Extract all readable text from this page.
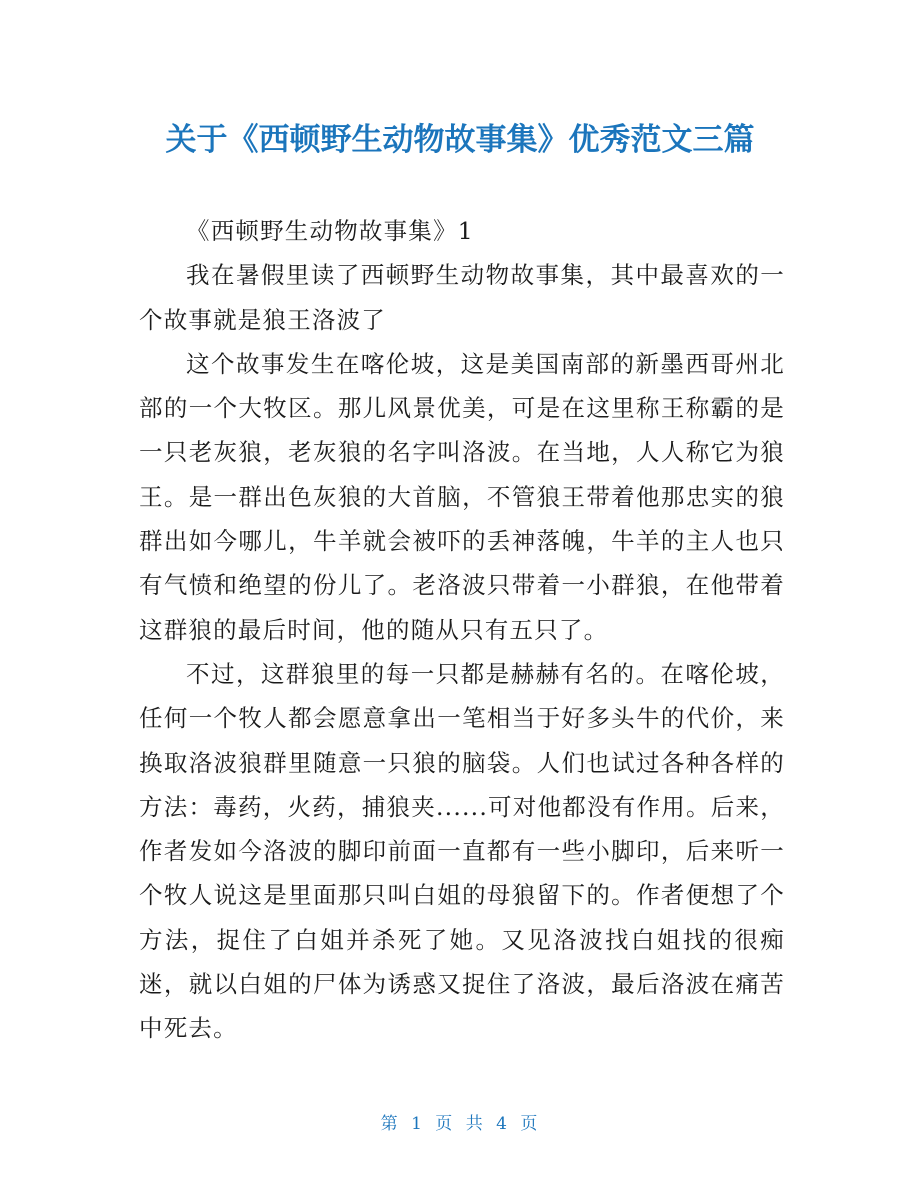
关于《西顿野生动物故事集》优秀范文三篇

《西顿野生动物故事集》1

我在暑假里读了西顿野生动物故事集，其中最喜欢的一个故事就是狼王洛波了

这个故事发生在喀伦坡，这是美国南部的新墨西哥州北部的一个大牧区。那儿风景优美，可是在这里称王称霸的是一只老灰狼，老灰狼的名字叫洛波。在当地，人人称它为狼王。是一群出色灰狼的大首脑，不管狼王带着他那忠实的狼群出如今哪儿，牛羊就会被吓的丢神落魄，牛羊的主人也只有气愤和绝望的份儿了。老洛波只带着一小群狼，在他带着这群狼的最后时间，他的随从只有五只了。

不过，这群狼里的每一只都是赫赫有名的。在喀伦坡，任何一个牧人都会愿意拿出一笔相当于好多头牛的代价，来换取洛波狼群里随意一只狼的脑袋。人们也试过各种各样的方法：毒药，火药，捕狼夹......可对他都没有作用。后来，作者发如今洛波的脚印前面一直都有一些小脚印，后来听一个牧人说这是里面那只叫白姐的母狼留下的。作者便想了个方法，捉住了白姐并杀死了她。又见洛波找白姐找的很痴迷，就以白姐的尸体为诱惑又捉住了洛波，最后洛波在痛苦中死去。

第 1 页 共 4 页
